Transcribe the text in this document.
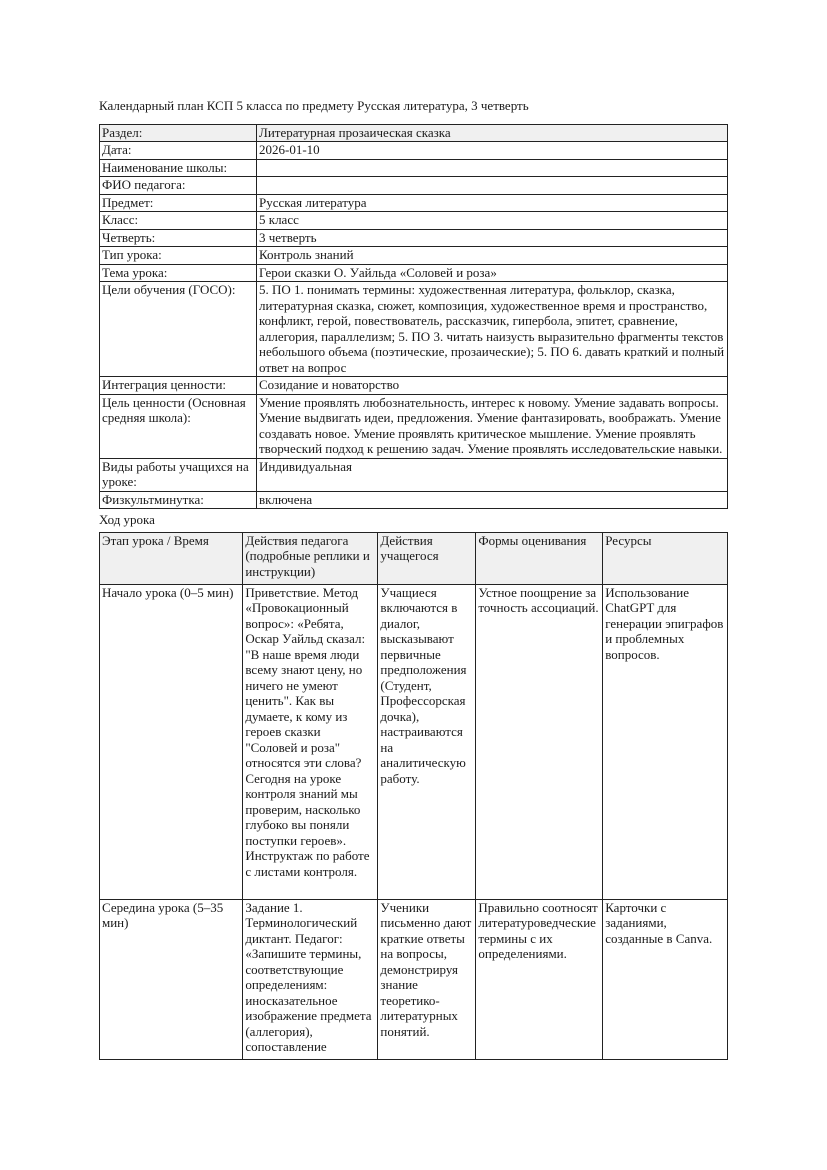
Календарный план КСП 5 класса по предмету Русская литература, 3 четверть

Раздел:	Литературная прозаическая сказка
Дата:	2026-01-10
Наименование школы:	
ФИО педагога:	
Предмет:	Русская литература
Класс:	5 класс
Четверть:	3 четверть
Тип урока:	Контроль знаний
Тема урока:	Герои сказки О. Уайльда «Соловей и роза»
Цели обучения (ГОСО):	5. ПО 1. понимать термины: художественная литература, фольклор, сказка, литературная сказка, сюжет, композиция, художественное время и пространство, конфликт, герой, повествователь, рассказчик, гипербола, эпитет, сравнение, аллегория, параллелизм; 5. ПО 3. читать наизусть выразительно фрагменты текстов небольшого объема (поэтические, прозаические); 5. ПО 6. давать краткий и полный ответ на вопрос
Интеграция ценности:	Созидание и новаторство
Цель ценности (Основная средняя школа):	Умение проявлять любознательность, интерес к новому. Умение задавать вопросы. Умение выдвигать идеи, предложения. Умение фантазировать, воображать. Умение создавать новое. Умение проявлять критическое мышление. Умение проявлять творческий подход к решению задач. Умение проявлять исследовательские навыки.
Виды работы учащихся на уроке:	Индивидуальная
Физкультминутка:	включена

Ход урока

Этап урока / Время	Действия педагога (подробные реплики и инструкции)	Действия учащегося	Формы оценивания	Ресурсы
Начало урока (0–5 мин)	Приветствие. Метод «Провокационный вопрос»: «Ребята, Оскар Уайльд сказал: "В наше время люди всему знают цену, но ничего не умеют ценить". Как вы думаете, к кому из героев сказки "Соловей и роза" относятся эти слова? Сегодня на уроке контроля знаний мы проверим, насколько глубоко вы поняли поступки героев». Инструктаж по работе с листами контроля.	Учащиеся включаются в диалог, высказывают первичные предположения (Студент, Профессорская дочка), настраиваются на аналитическую работу.	Устное поощрение за точность ассоциаций.	Использование ChatGPT для генерации эпиграфов и проблемных вопросов.
Середина урока (5–35 мин)	Задание 1. Терминологический диктант. Педагог: «Запишите термины, соответствующие определениям: иносказательное изображение предмета (аллегория), сопоставление	Ученики письменно дают краткие ответы на вопросы, демонстрируя знание теоретико-литературных понятий.	Правильно соотносят литературоведческие термины с их определениями.	Карточки с заданиями, созданные в Canva.
